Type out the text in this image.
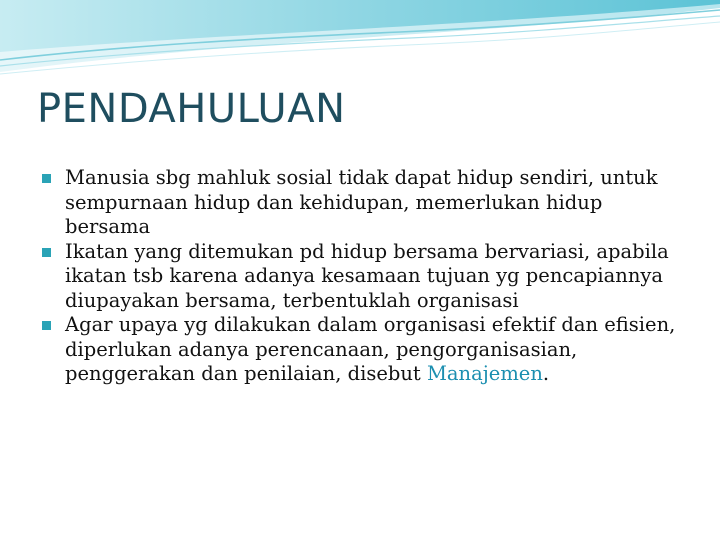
PENDAHULUAN
Manusia sbg mahluk sosial tidak dapat hidup sendiri, untuk sempurnaan hidup dan kehidupan, memerlukan hidup bersama
Ikatan yang ditemukan pd hidup bersama bervariasi, apabila ikatan tsb karena adanya kesamaan tujuan yg pencapiannya diupayakan bersama, terbentuklah organisasi
Agar upaya yg dilakukan dalam organisasi efektif dan efisien, diperlukan adanya perencanaan, pengorganisasian, penggerakan dan penilaian, disebut Manajemen.
